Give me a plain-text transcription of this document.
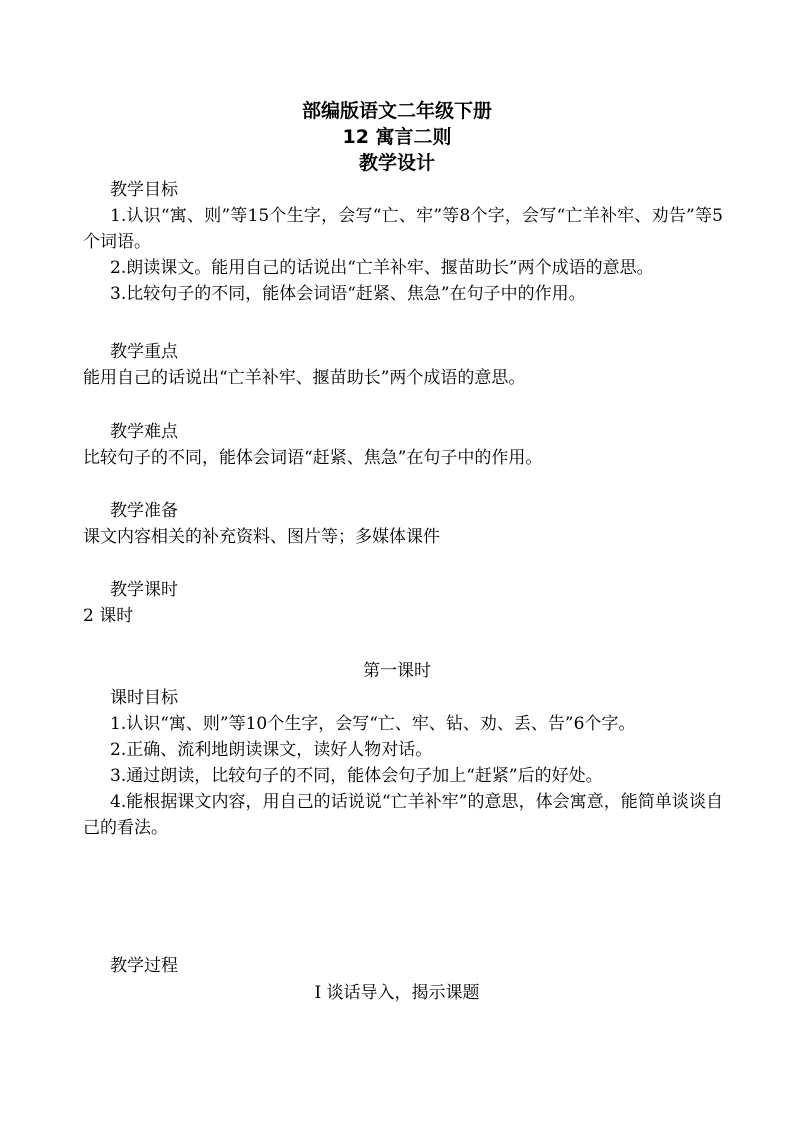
部编版语文二年级下册
12 寓言二则
教学设计
教学目标
1.认识“寓、则”等15个生字，会写“亡、牢”等8个字，会写“亡羊补牢、劝告”等5 个词语。
2.朗读课文。能用自己的话说出“亡羊补牢、揠苗助长”两个成语的意思。
3.比较句子的不同，能体会词语“赶紧、焦急”在句子中的作用。
教学重点
能用自己的话说出“亡羊补牢、揠苗助长”两个成语的意思。
教学难点
比较句子的不同，能体会词语“赶紧、焦急”在句子中的作用。
教学准备
课文内容相关的补充资料、图片等；多媒体课件
教学课时
2 课时
第一课时
课时目标
1.认识“寓、则”等10个生字，会写“亡、牢、钻、劝、丢、告”6个字。
2.正确、流利地朗读课文，读好人物对话。
3.通过朗读，比较句子的不同，能体会句子加上“赶紧”后的好处。
4.能根据课文内容，用自己的话说说“亡羊补牢”的意思，体会寓意，能简单谈谈自己的看法。
教学过程
Ⅰ 谈话导入，揭示课题
